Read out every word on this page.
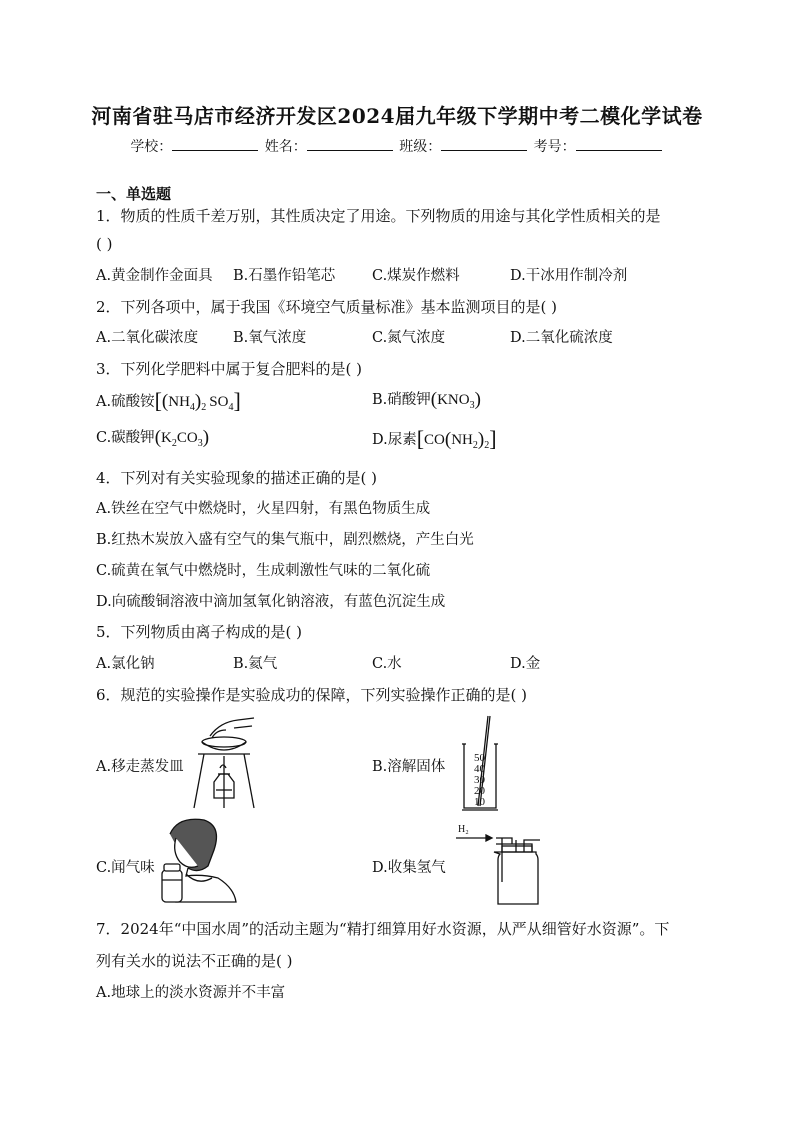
河南省驻马店市经济开发区2024届九年级下学期中考二模化学试卷
学校：	姓名：	班级：	考号：
一、单选题
1．物质的性质千差万别，其性质决定了用途。下列物质的用途与其化学性质相关的是
( )
A.黄金制作金面具 B.石墨作铅笔芯	C.煤炭作燃料	D.干冰用作制冷剂
2．下列各项中，属于我国《环境空气质量标准》基本监测项目的是( )
A.二氧化碳浓度 B.氧气浓度	C.氮气浓度	D.二氧化硫浓度
3．下列化学肥料中属于复合肥料的是( )
A.硫酸铵[$(NH_4)_2$ $SO_4$]	B.硝酸钾$(KNO_3)$
C.碳酸钾$(K_2CO_3)$	D.尿素$[CO(NH_2)_2]$
4．下列对有关实验现象的描述正确的是( )
A.铁丝在空气中燃烧时，火星四射，有黑色物质生成
B.红热木炭放入盛有空气的集气瓶中，剧烈燃烧，产生白光
C.硫黄在氧气中燃烧时，生成刺激性气味的二氧化硫
D.向硫酸铜溶液中滴加氢氧化钠溶液，有蓝色沉淀生成
5．下列物质由离子构成的是( )
A.氯化钠	B.氦气	C.水	D.金
6．规范的实验操作是实验成功的保障，下列实验操作正确的是( )
A.移走蒸发皿	B.溶解固体
C.闻气味	D.收集氢气
50
40
30
20
10
H₂
7．2024年“中国水周”的活动主题为“精打细算用好水资源，从严从细管好水资源”。下
列有关水的说法不正确的是( )
A.地球上的淡水资源并不丰富
